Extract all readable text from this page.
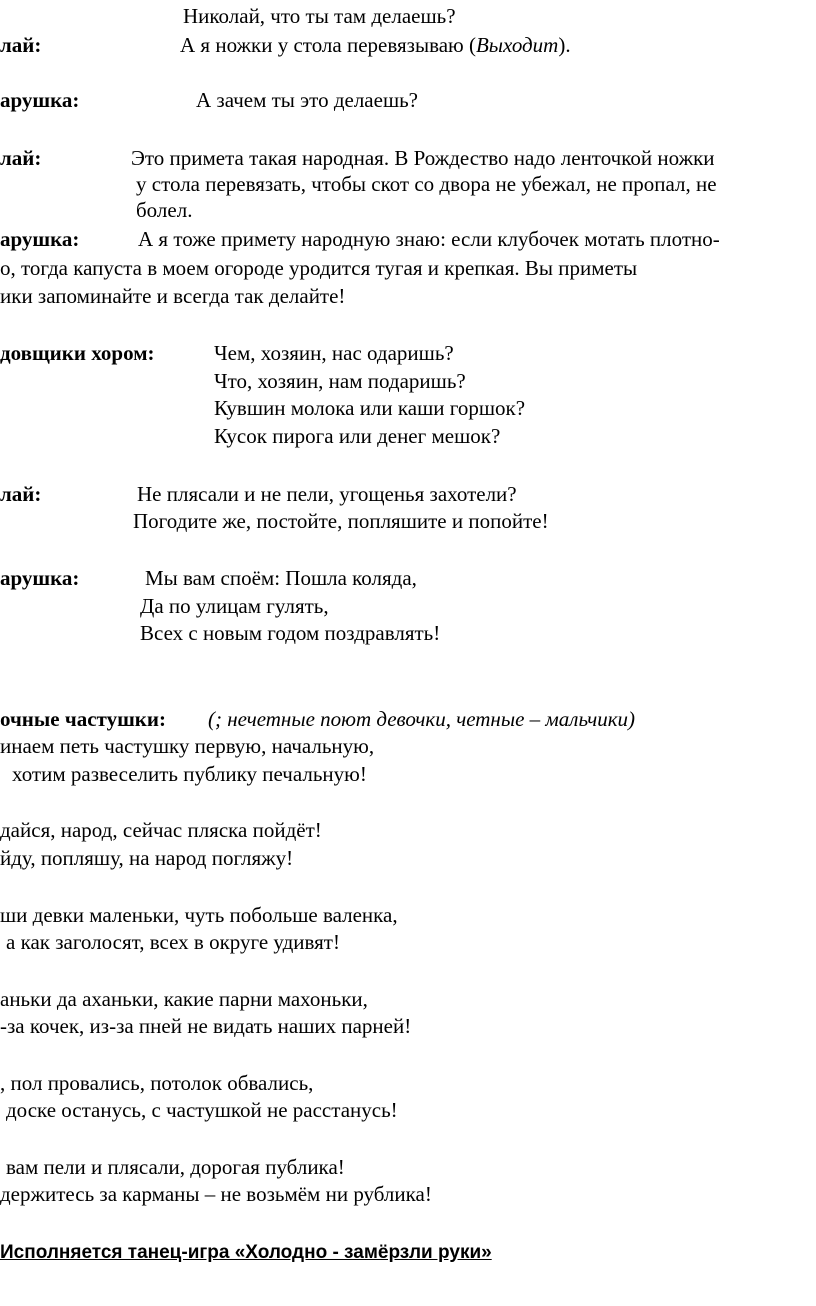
Николай, что ты там делаешь?
лай:	А я ножки у стола перевязываю (Выходит).
арушка:	А зачем ты это делаешь?
лай:	Это примета такая народная. В Рождество надо ленточкой ножки
у стола перевязать, чтобы скот со двора не убежал, не пропал, не
болел.
арушка:	А я тоже примету народную знаю: если клубочек мотать плотно-
о, тогда капуста в моем огороде уродится тугая и крепкая. Вы приметы
ики запоминайте и всегда так делайте!
довщики хором:	Чем, хозяин, нас одаришь?
Что, хозяин, нам подаришь?
Кувшин молока или каши горшок?
Кусок пирога или денег мешок?
лай:	Не плясали и не пели, угощенья захотели?
Погодите же, постойте, попляшите и попойте!
арушка:	Мы вам споём: Пошла коляда,
Да по улицам гулять,
Всех с новым годом поздравлять!
очные частушки: (; нечетные поют девочки, четные – мальчики)
инаем петь частушку первую, начальную,
хотим развеселить публику печальную!
дайся, народ, сейчас пляска пойдёт!
йду, попляшу, на народ погляжу!
ши девки маленьки, чуть побольше валенка,
а как заголосят, всех в округе удивят!
аньки да аханьки, какие парни махоньки,
-за кочек, из-за пней не видать наших парней!
, пол провались, потолок обвались,
доске останусь, с частушкой не расстанусь!
вам пели и плясали, дорогая публика!
держитесь за карманы – не возьмём ни рублика!
Исполняется танец-игра «Холодно - замёрзли руки»
